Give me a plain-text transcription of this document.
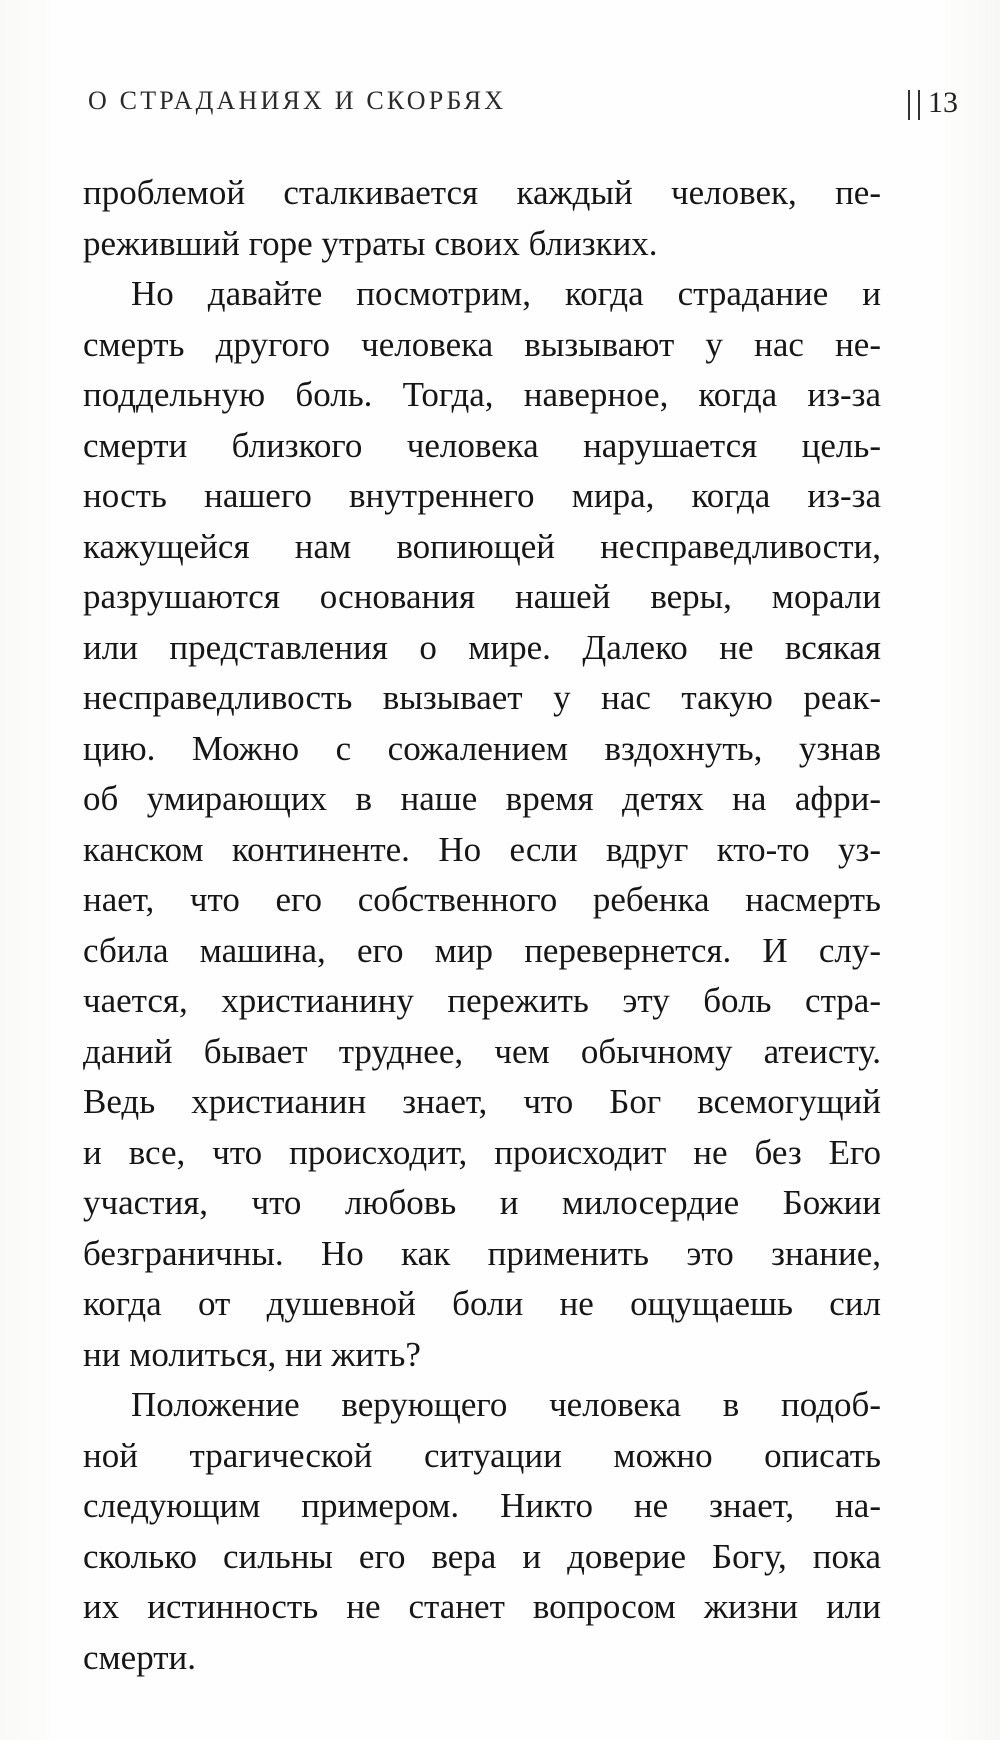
О СТРАДАНИЯХ И СКОРБЯХ	13
проблемой сталкивается каждый человек, пе-
реживший горе утраты своих близких.
Но давайте посмотрим, когда страдание и
смерть другого человека вызывают у нас не-
поддельную боль. Тогда, наверное, когда из-за
смерти близкого человека нарушается цель-
ность нашего внутреннего мира, когда из-за
кажущейся нам вопиющей несправедливости,
разрушаются основания нашей веры, морали
или представления о мире. Далеко не всякая
несправедливость вызывает у нас такую реак-
цию. Можно с сожалением вздохнуть, узнав
об умирающих в наше время детях на афри-
канском континенте. Но если вдруг кто-то уз-
нает, что его собственного ребенка насмерть
сбила машина, его мир перевернется. И слу-
чается, христианину пережить эту боль стра-
даний бывает труднее, чем обычному атеисту.
Ведь христианин знает, что Бог всемогущий
и все, что происходит, происходит не без Его
участия, что любовь и милосердие Божии
безграничны. Но как применить это знание,
когда от душевной боли не ощущаешь сил
ни молиться, ни жить?
Положение верующего человека в подоб-
ной трагической ситуации можно описать
следующим примером. Никто не знает, на-
сколько сильны его вера и доверие Богу, пока
их истинность не станет вопросом жизни или
смерти.
